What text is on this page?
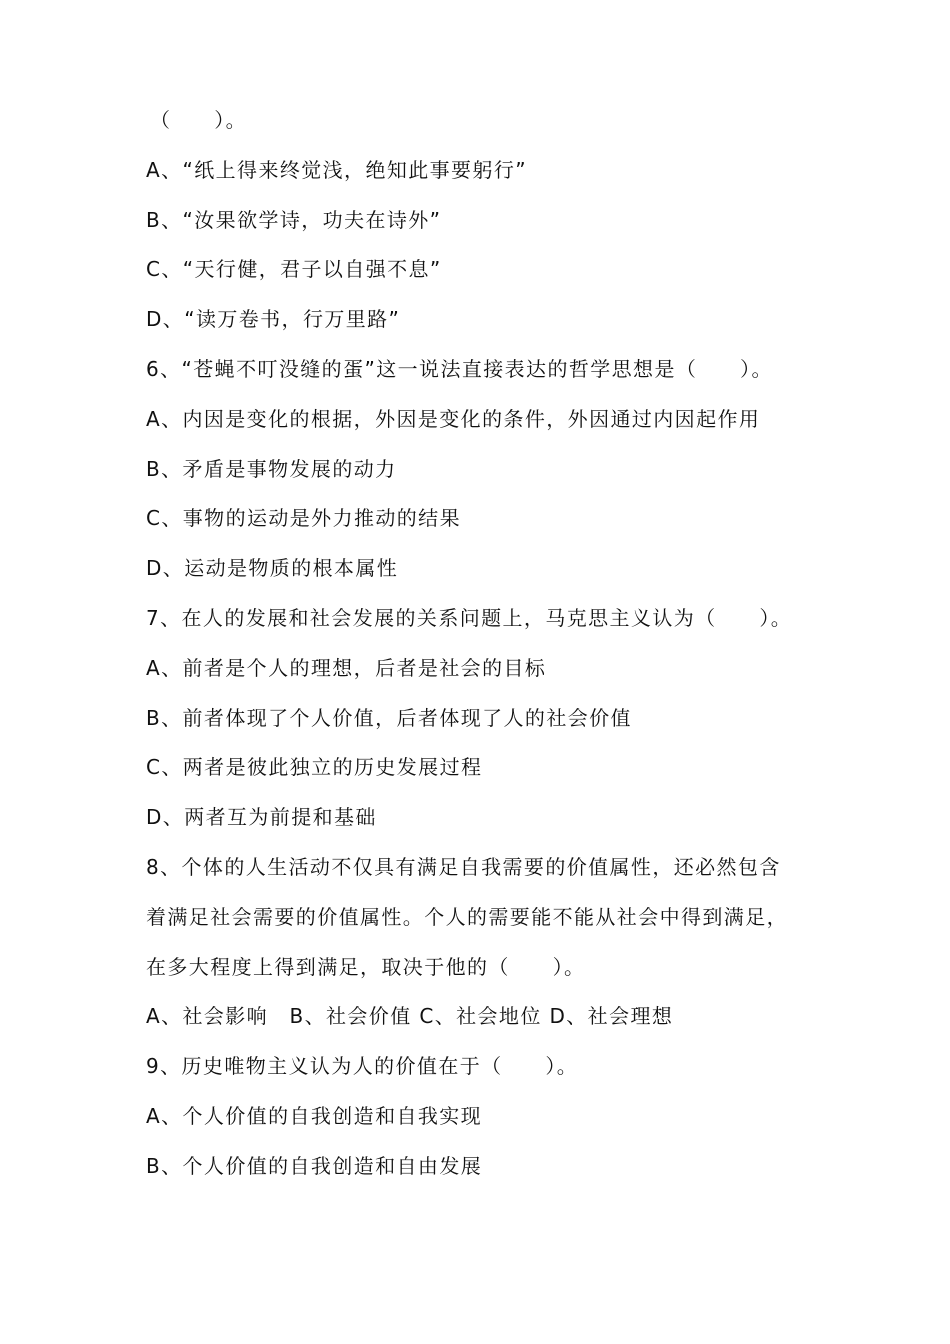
（　　）。
A、“纸上得来终觉浅，绝知此事要躬行”
B、“汝果欲学诗，功夫在诗外”
C、“天行健，君子以自强不息”
D、“读万卷书，行万里路”
6、“苍蝇不叮没缝的蛋”这一说法直接表达的哲学思想是（　　）。
A、内因是变化的根据，外因是变化的条件，外因通过内因起作用
B、矛盾是事物发展的动力
C、事物的运动是外力推动的结果
D、运动是物质的根本属性
7、在人的发展和社会发展的关系问题上，马克思主义认为（　　）。
A、前者是个人的理想，后者是社会的目标
B、前者体现了个人价值，后者体现了人的社会价值
C、两者是彼此独立的历史发展过程
D、两者互为前提和基础
8、个体的人生活动不仅具有满足自我需要的价值属性，还必然包含
着满足社会需要的价值属性。个人的需要能不能从社会中得到满足，
在多大程度上得到满足，取决于他的（　　）。
A、社会影响　B、社会价值 C、社会地位 D、社会理想
9、历史唯物主义认为人的价值在于（　　）。
A、个人价值的自我创造和自我实现
B、个人价值的自我创造和自由发展
